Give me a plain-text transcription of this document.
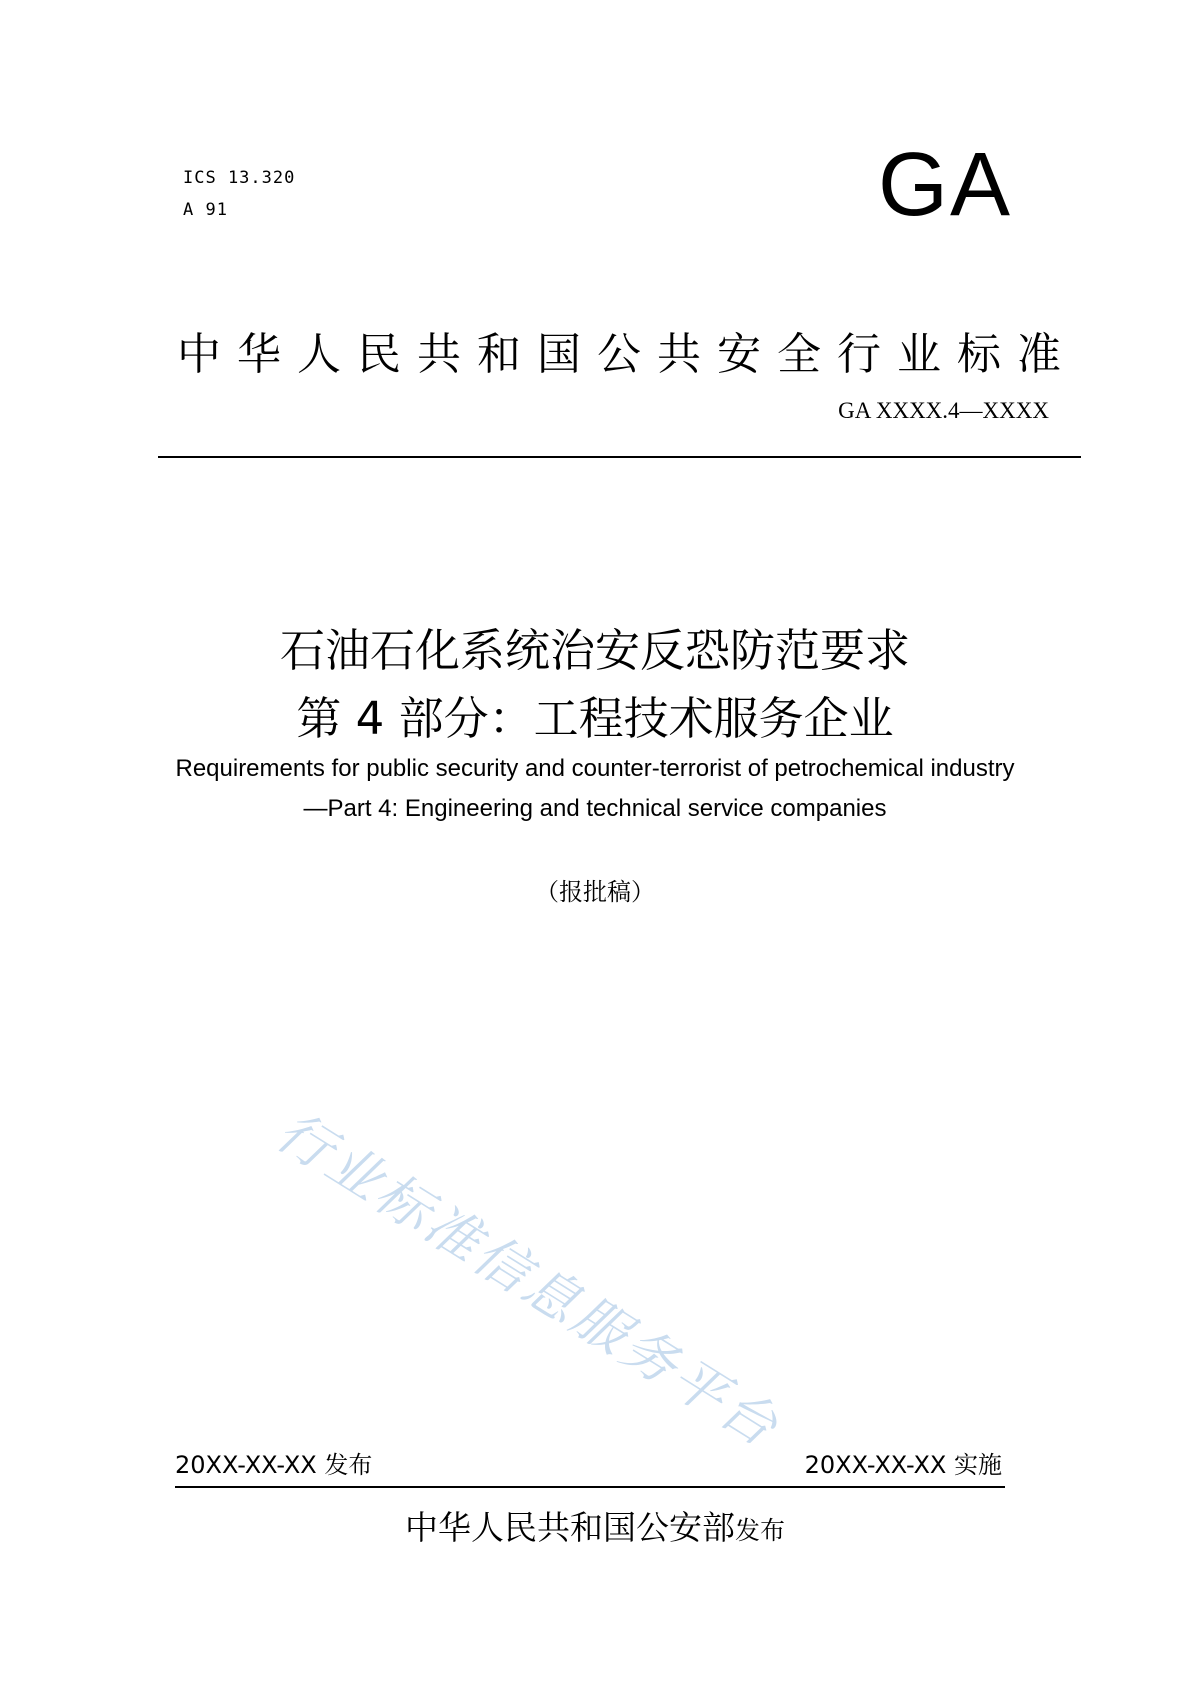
ICS 13.320
A 91	GA
中华人民共和国公共安全行业标准
GA XXXX.4—XXXX
石油石化系统治安反恐防范要求
第 4 部分：工程技术服务企业
Requirements for public security and counter-terrorist of petrochemical industry
—Part 4: Engineering and technical service companies
（报批稿）
行业标准信息服务平台
20XX-XX-XX 发布	20XX-XX-XX 实施
中华人民共和国公安部发布
